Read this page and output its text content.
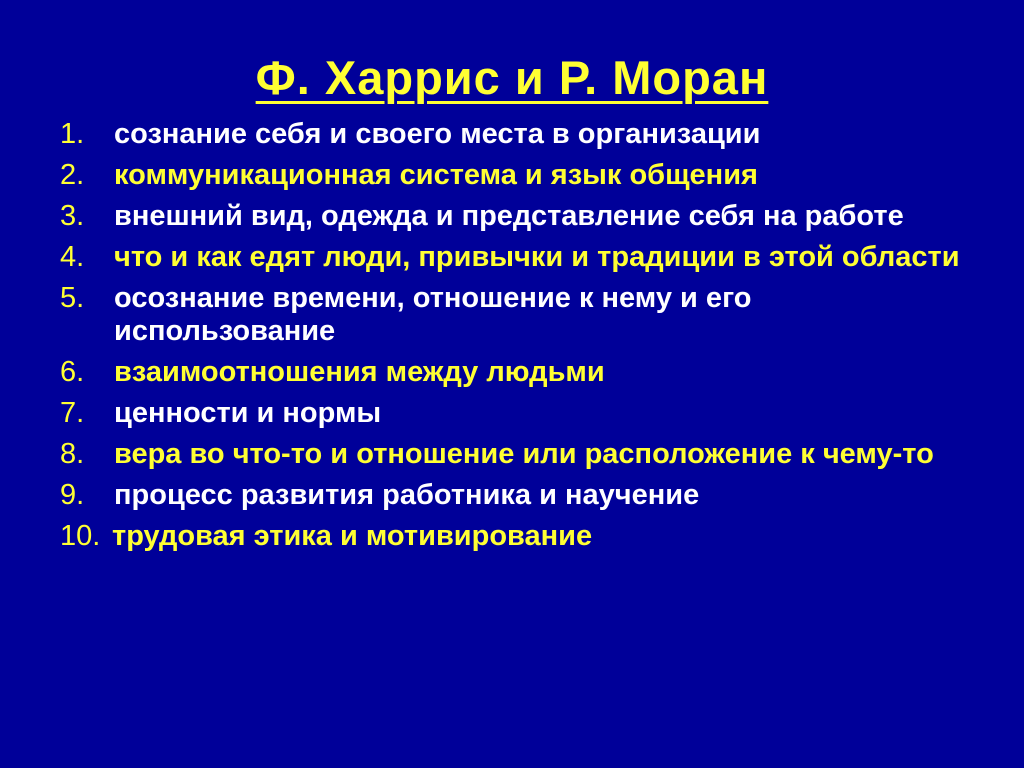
Ф. Харрис и Р. Моран
1. сознание себя и своего места в организации
2. коммуникационная система и язык общения
3. внешний вид, одежда и представление себя на работе
4. что и как едят люди, привычки и традиции в этой области
5. осознание времени, отношение к нему и его использование
6. взаимоотношения между людьми
7. ценности и нормы
8. вера во что-то и отношение или расположение к чему-то
9. процесс развития работника и научение
10. трудовая этика и мотивирование
